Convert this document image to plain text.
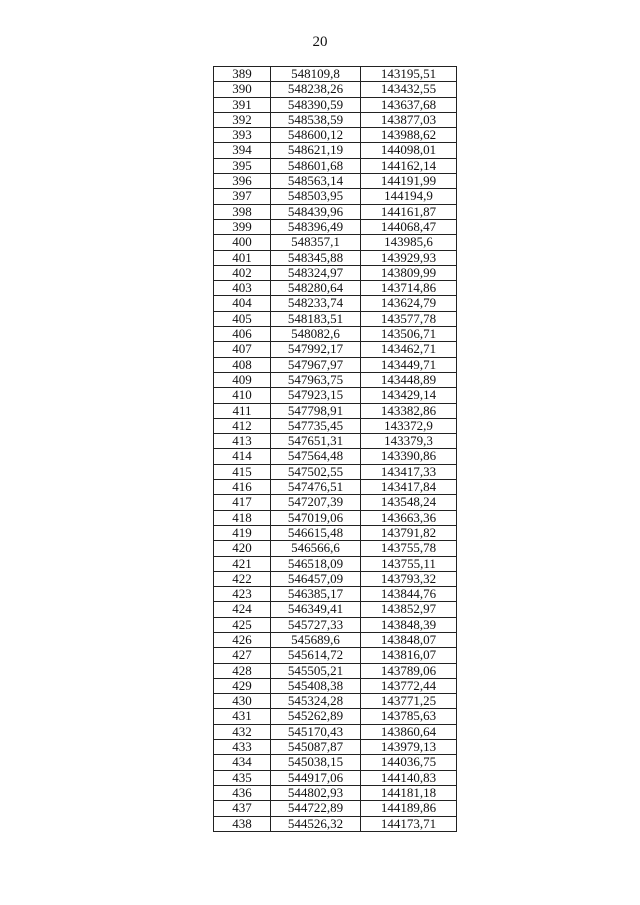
20
389	548109,8	143195,51
390	548238,26	143432,55
391	548390,59	143637,68
392	548538,59	143877,03
393	548600,12	143988,62
394	548621,19	144098,01
395	548601,68	144162,14
396	548563,14	144191,99
397	548503,95	144194,9
398	548439,96	144161,87
399	548396,49	144068,47
400	548357,1	143985,6
401	548345,88	143929,93
402	548324,97	143809,99
403	548280,64	143714,86
404	548233,74	143624,79
405	548183,51	143577,78
406	548082,6	143506,71
407	547992,17	143462,71
408	547967,97	143449,71
409	547963,75	143448,89
410	547923,15	143429,14
411	547798,91	143382,86
412	547735,45	143372,9
413	547651,31	143379,3
414	547564,48	143390,86
415	547502,55	143417,33
416	547476,51	143417,84
417	547207,39	143548,24
418	547019,06	143663,36
419	546615,48	143791,82
420	546566,6	143755,78
421	546518,09	143755,11
422	546457,09	143793,32
423	546385,17	143844,76
424	546349,41	143852,97
425	545727,33	143848,39
426	545689,6	143848,07
427	545614,72	143816,07
428	545505,21	143789,06
429	545408,38	143772,44
430	545324,28	143771,25
431	545262,89	143785,63
432	545170,43	143860,64
433	545087,87	143979,13
434	545038,15	144036,75
435	544917,06	144140,83
436	544802,93	144181,18
437	544722,89	144189,86
438	544526,32	144173,71
